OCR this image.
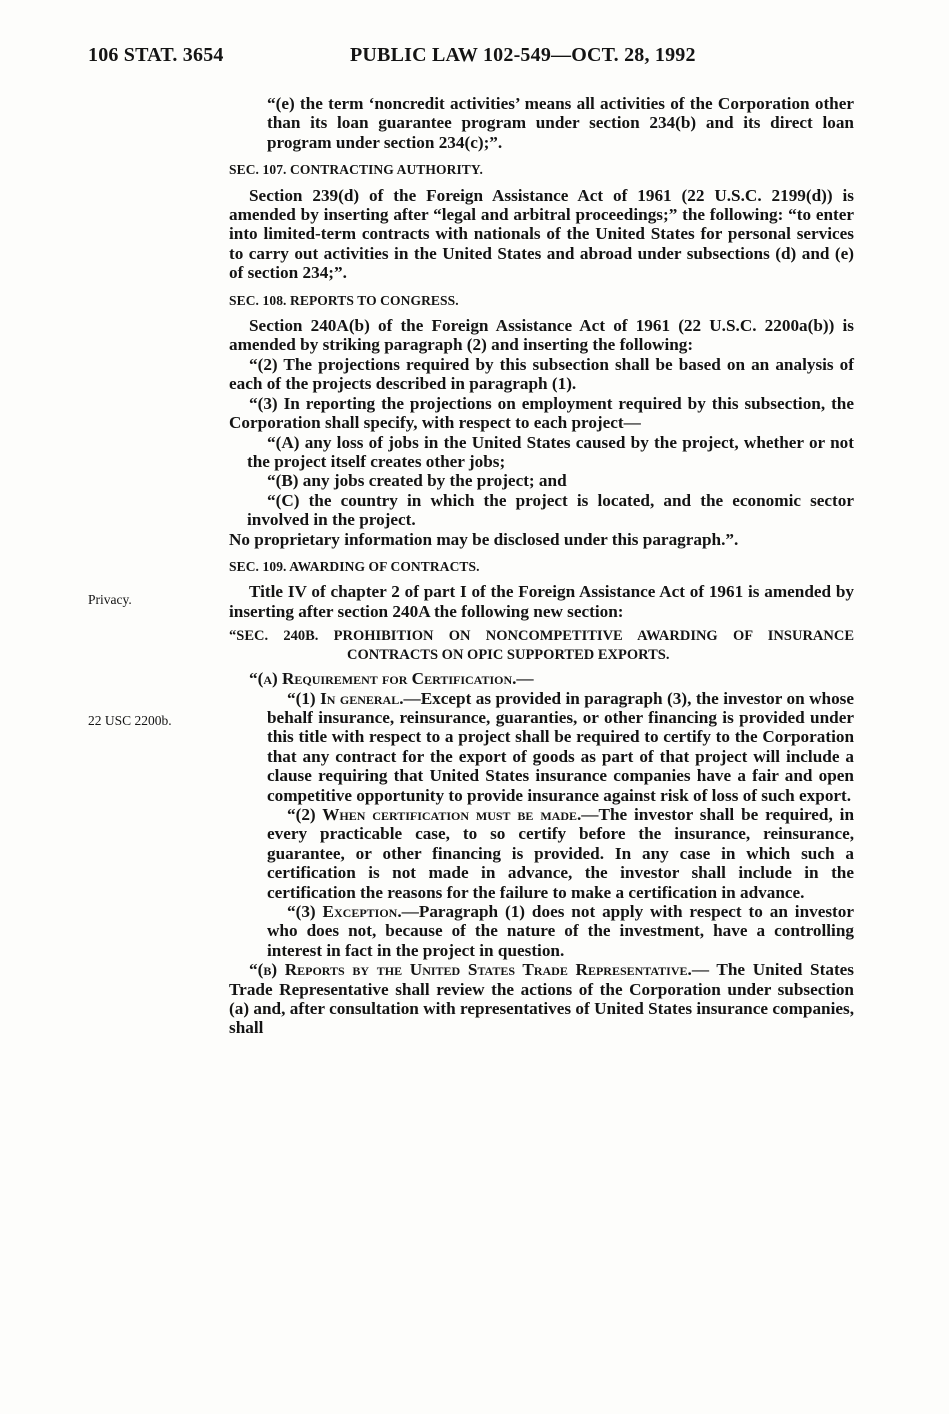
106 STAT. 3654	PUBLIC LAW 102-549—OCT. 28, 1992
Privacy.
22 USC 2200b.

“(e) the term ‘noncredit activities’ means all activities of the Corporation other than its loan guarantee program under section 234(b) and its direct loan program under section 234(c);”.

SEC. 107. CONTRACTING AUTHORITY.

Section 239(d) of the Foreign Assistance Act of 1961 (22 U.S.C. 2199(d)) is amended by inserting after “legal and arbitral proceedings;” the following: “to enter into limited-term contracts with nationals of the United States for personal services to carry out activities in the United States and abroad under subsections (d) and (e) of section 234;”.

SEC. 108. REPORTS TO CONGRESS.

Section 240A(b) of the Foreign Assistance Act of 1961 (22 U.S.C. 2200a(b)) is amended by striking paragraph (2) and inserting the following:

“(2) The projections required by this subsection shall be based on an analysis of each of the projects described in paragraph (1).

“(3) In reporting the projections on employment required by this subsection, the Corporation shall specify, with respect to each project—

“(A) any loss of jobs in the United States caused by the project, whether or not the project itself creates other jobs;

“(B) any jobs created by the project; and

“(C) the country in which the project is located, and the economic sector involved in the project.

No proprietary information may be disclosed under this paragraph.”.

SEC. 109. AWARDING OF CONTRACTS.

Title IV of chapter 2 of part I of the Foreign Assistance Act of 1961 is amended by inserting after section 240A the following new section:

“SEC. 240B. PROHIBITION ON NONCOMPETITIVE AWARDING OF INSURANCE CONTRACTS ON OPIC SUPPORTED EXPORTS.

“(a) Requirement for Certification.—

“(1) In general.—Except as provided in paragraph (3), the investor on whose behalf insurance, reinsurance, guaranties, or other financing is provided under this title with respect to a project shall be required to certify to the Corporation that any contract for the export of goods as part of that project will include a clause requiring that United States insurance companies have a fair and open competitive opportunity to provide insurance against risk of loss of such export.

“(2) When certification must be made.—The investor shall be required, in every practicable case, to so certify before the insurance, reinsurance, guarantee, or other financing is provided. In any case in which such a certification is not made in advance, the investor shall include in the certification the reasons for the failure to make a certification in advance.

“(3) Exception.—Paragraph (1) does not apply with respect to an investor who does not, because of the nature of the investment, have a controlling interest in fact in the project in question.

“(b) Reports by the United States Trade Representative.— The United States Trade Representative shall review the actions of the Corporation under subsection (a) and, after consultation with representatives of United States insurance companies, shall
